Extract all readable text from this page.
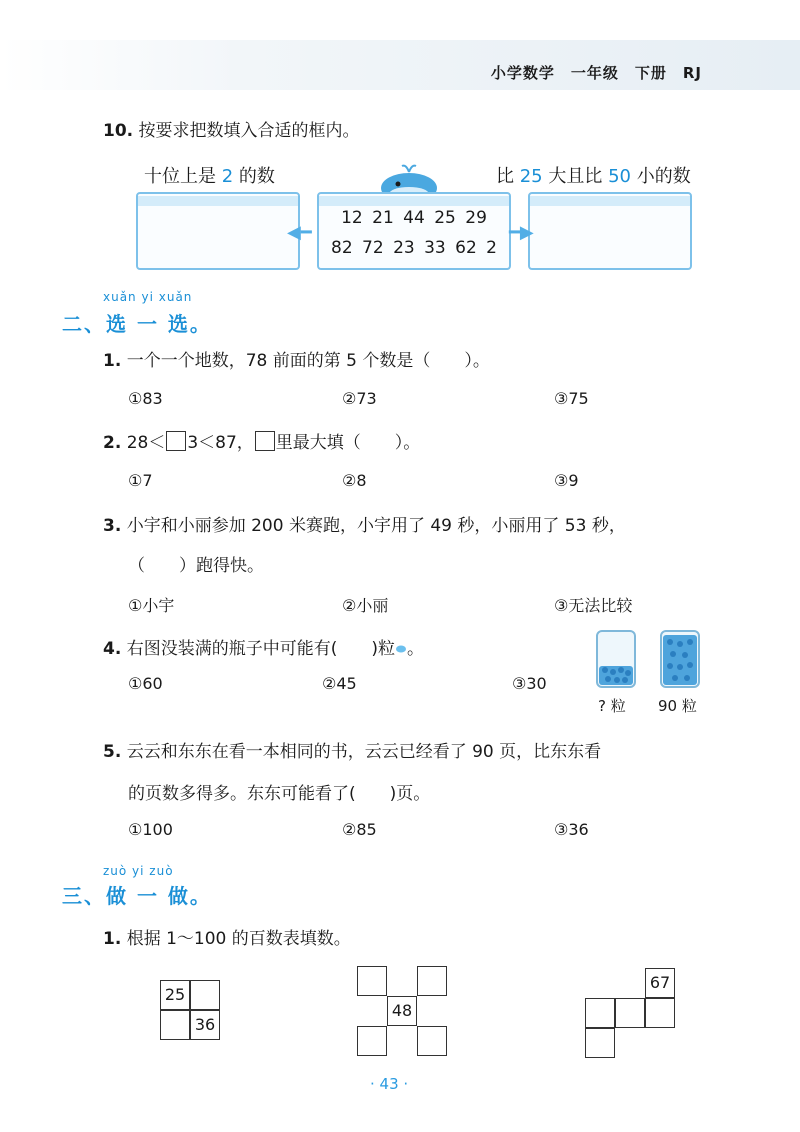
小学数学　一年级　下册　RJ
10. 按要求把数填入合适的框内。
十位上是 2 的数	比 25 大且比 50 小的数
12 21 44 25 29
82 72 23 33 62 2
◀━	━▶
xuǎn yi xuǎn
二、选 一 选。
1. 一个一个地数，78 前面的第 5 个数是（　　）。
①83	②73	③75
2. 28＜ 3＜87， 里最大填（　　）。
①7	②8	③9
3. 小宇和小丽参加 200 米赛跑，小宇用了 49 秒，小丽用了 53 秒，
（　　）跑得快。
①小宇	②小丽	③无法比较
4. 右图没装满的瓶子中可能有(　　)粒 。
①60	②45	③30
? 粒 90 粒
5. 云云和东东在看一本相同的书，云云已经看了 90 页，比东东看
的页数多得多。东东可能看了(　　)页。
①100	②85	③36
zuò yi zuò
三、做 一 做。
1. 根据 1～100 的百数表填数。
25
36
48
67
· 43 ·
